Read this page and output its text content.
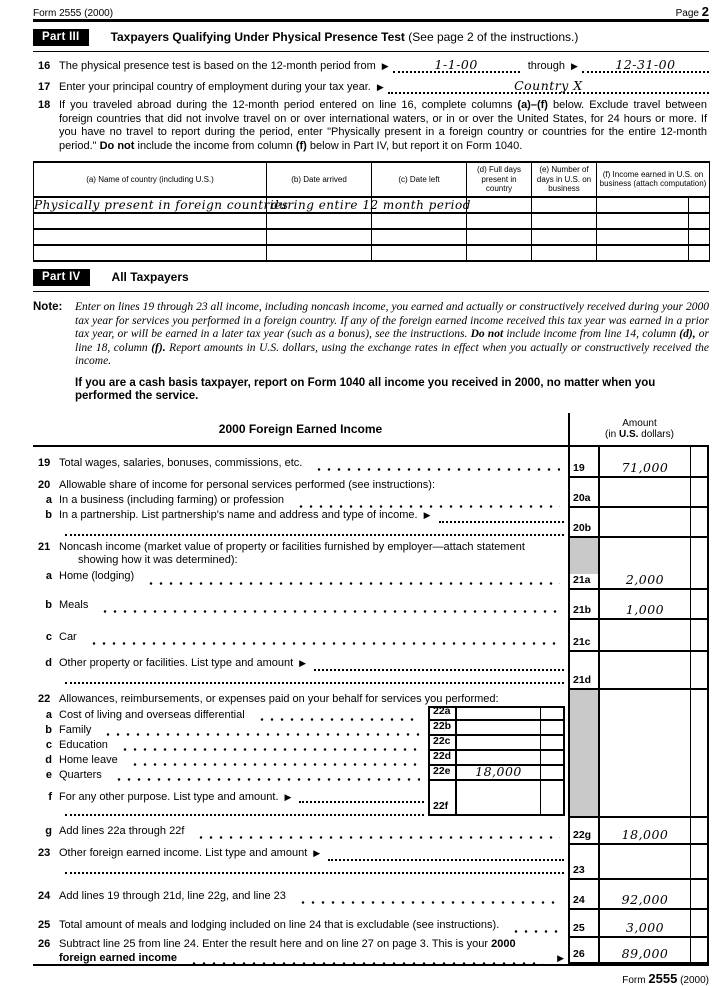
Form 2555 (2000)	Page 2
Part III	Taxpayers Qualifying Under Physical Presence Test (See page 2 of the instructions.)
16 The physical presence test is based on the 12-month period from ▶	1-1-00	through ▶	12-31-00
17 Enter your principal country of employment during your tax year. ▶	Country X
18 If you traveled abroad during the 12-month period entered on line 16, complete columns (a)–(f) below. Exclude travel between foreign countries that did not involve travel on or over international waters, or in or over the United States, for 24 hours or more. If you have no travel to report during the period, enter "Physically present in a foreign country or countries for the entire 12-month period." Do not include the income from column (f) below in Part IV, but report it on Form 1040.
(a) Name of country (including U.S.)	(b) Date arrived	(c) Date left	(d) Full days present in country	(e) Number of days in U.S. on business	(f) Income earned in U.S. on business (attach computation)	
Physically present in foreign countries	during entire 12 month period					

Part IV	All Taxpayers
Note:	Enter on lines 19 through 23 all income, including noncash income, you earned and actually or constructively received during your 2000 tax year for services you performed in a foreign country. If any of the foreign earned income received this tax year was earned in a prior tax year, or will be earned in a later tax year (such as a bonus), see the instructions. Do not include income from line 14, column (d), or line 18, column (f). Report amounts in U.S. dollars, using the exchange rates in effect when you actually or constructively received the income.

If you are a cash basis taxpayer, report on Form 1040 all income you received in 2000, no matter when you performed the service.

2000 Foreign Earned Income	Amount
(in U.S. dollars)
19 Total wages, salaries, bonuses, commissions, etc.	19	71,000
20 Allowable share of income for personal services performed (see instructions):
a In a business (including farming) or profession	20a
b In a partnership. List partnership's name and address and type of income. ▶
20b
21 Noncash income (market value of property or facilities furnished by employer—attach statement
showing how it was determined):
a Home (lodging)	21a	2,000
b Meals	21b	1,000
c Car	21c
d Other property or facilities. List type and amount ▶
21d
22 Allowances, reimbursements, or expenses paid on your behalf for services you performed:
a Cost of living and overseas differential	22a
b Family	22b
c Education	22c
d Home leave	22d
e Quarters	22e	18,000
f For any other purpose. List type and amount. ▶
22f
g Add lines 22a through 22f	22g	18,000
23 Other foreign earned income. List type and amount ▶
23
24 Add lines 19 through 21d, line 22g, and line 23	24	92,000
25 Total amount of meals and lodging included on line 24 that is excludable (see instructions).	25	3,000
26 Subtract line 25 from line 24. Enter the result here and on line 27 on page 3. This is your 2000
foreign earned income	▶ 26	89,000
Form 2555 (2000)
